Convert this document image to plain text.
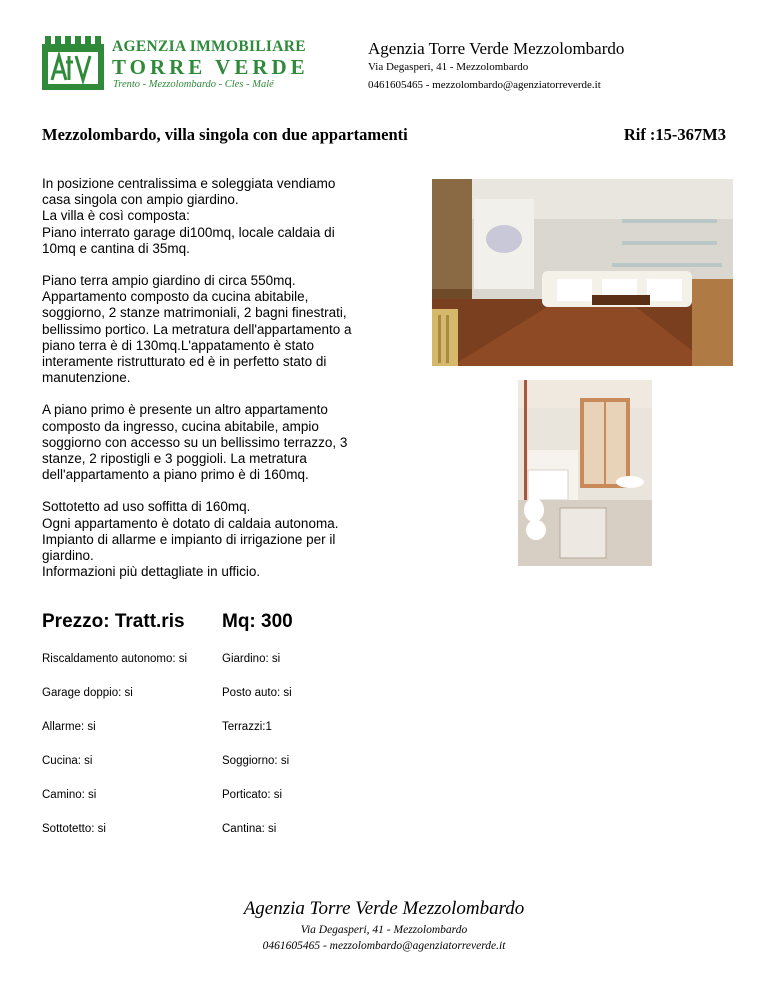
AGENZIA IMMOBILIARE
TORRE VERDE
Trento - Mezzolombardo - Cles - Malé
Agenzia Torre Verde Mezzolombardo
Via Degasperi, 41 - Mezzolombardo
0461605465 - mezzolombardo@agenziatorreverde.it
Mezzolombardo, villa singola con due appartamenti	Rif :15-367M3

In posizione centralissima e soleggiata vendiamo
casa singola con ampio giardino.
La villa è così composta:
Piano interrato garage di100mq, locale caldaia di
10mq e cantina di 35mq.

Piano terra ampio giardino di circa 550mq.
Appartamento composto da cucina abitabile,
soggiorno, 2 stanze matrimoniali, 2 bagni finestrati,
bellissimo portico. La metratura dell'appartamento a
piano terra è di 130mq.L'appatamento è stato
interamente ristrutturato ed è in perfetto stato di
manutenzione.

A piano primo è presente un altro appartamento
composto da ingresso, cucina abitabile, ampio
soggiorno con accesso su un bellissimo terrazzo, 3
stanze, 2 ripostigli e 3 poggioli. La metratura
dell'appartamento a piano primo è di 160mq.

Sottotetto ad uso soffitta di 160mq.
Ogni appartamento è dotato di caldaia autonoma.
Impianto di allarme e impianto di irrigazione per il
giardino.
Informazioni più dettagliate in ufficio.

Prezzo: Tratt.ris Mq: 300
Riscaldamento autonomo: si	Giardino: si
Garage doppio: si	Posto auto: si
Allarme: si	Terrazzi:1
Cucina: si	Soggiorno: si
Camino: si	Porticato: si
Sottotetto: si	Cantina: si
Agenzia Torre Verde Mezzolombardo
Via Degasperi, 41 - Mezzolombardo
0461605465 - mezzolombardo@agenziatorreverde.it
